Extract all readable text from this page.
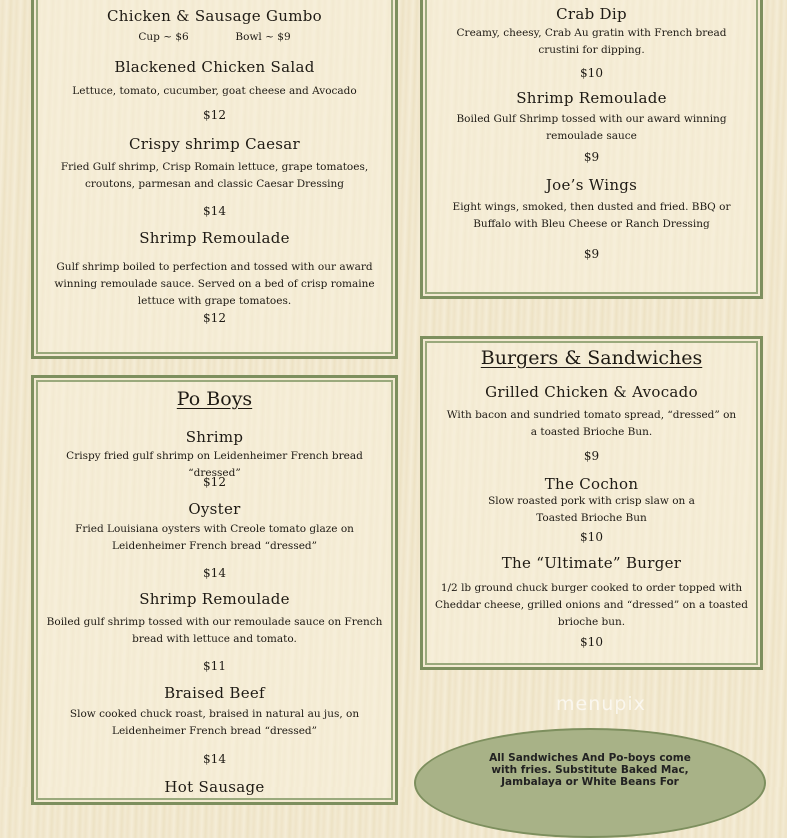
Chicken & Sausage Gumbo
Cup ~ $6	Bowl ~ $9
Blackened Chicken Salad
Lettuce, tomato, cucumber, goat cheese and Avocado
$12
Crispy shrimp Caesar
Fried Gulf shrimp, Crisp Romain lettuce, grape tomatoes, croutons, parmesan and classic Caesar Dressing
$14
Shrimp Remoulade
Gulf shrimp boiled to perfection and tossed with our award winning remoulade sauce. Served on a bed of crisp romaine lettuce with grape tomatoes.
$12
Crab Dip
Creamy, cheesy, Crab Au gratin with French bread crustini for dipping.
$10
Shrimp Remoulade
Boiled Gulf Shrimp tossed with our award winning remoulade sauce
$9
Joe’s Wings
Eight wings, smoked, then dusted and fried. BBQ or Buffalo with Bleu Cheese or Ranch Dressing
$9
Po Boys
Shrimp
Crispy fried gulf shrimp on Leidenheimer French bread “dressed”
$12
Oyster
Fried Louisiana oysters with Creole tomato glaze on Leidenheimer French bread “dressed”
$14
Shrimp Remoulade
Boiled gulf shrimp tossed with our remoulade sauce on French bread with lettuce and tomato.
$11
Braised Beef
Slow cooked chuck roast, braised in natural au jus, on Leidenheimer French bread “dressed”
$14
Hot Sausage
Burgers & Sandwiches
Grilled Chicken & Avocado
With bacon and sundried tomato spread, “dressed” on a toasted Brioche Bun.
$9
The Cochon
Slow roasted pork with crisp slaw on a Toasted Brioche Bun
$10
The “Ultimate” Burger
1/2 lb ground chuck burger cooked to order topped with Cheddar cheese, grilled onions and “dressed” on a toasted brioche bun.
$10
menupix
All Sandwiches And Po-boys come with fries. Substitute Baked Mac, Jambalaya or White Beans For
